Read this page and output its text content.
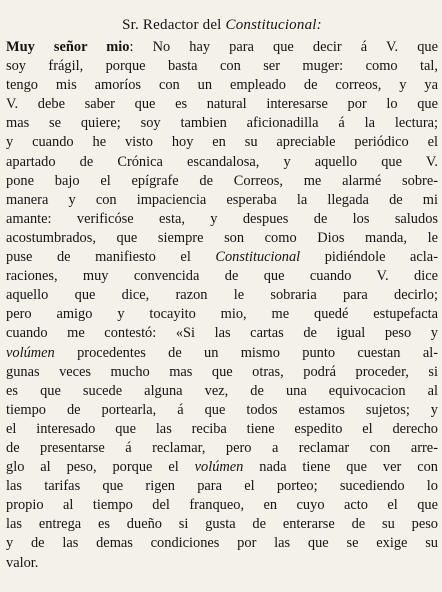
Sr. Redactor del Constitucional:
Muy señor mio: No hay para que decir á V. que
soy frágil, porque basta con ser muger: como tal,
tengo mis amoríos con un empleado de correos, y ya
V. debe saber que es natural interesarse por lo que
mas se quiere; soy tambien aficionadilla á la lectura;
y cuando he visto hoy en su apreciable periódico el
apartado de Crónica escandalosa, y aquello que V.
pone bajo el epígrafe de Correos, me alarmé sobre-
manera y con impaciencia esperaba la llegada de mi
amante: verificóse esta, y despues de los saludos
acostumbrados, que siempre son como Dios manda, le
puse de manifiesto el Constitucional pidiéndole acla-
raciones, muy convencida de que cuando V. dice
aquello que dice, razon le sobraria para decirlo;
pero amigo y tocayito mio, me quedé estupefacta
cuando me contestó: «Si las cartas de igual peso y
volúmen procedentes de un mismo punto cuestan al-
gunas veces mucho mas que otras, podrá proceder, si
es que sucede alguna vez, de una equivocacion al
tiempo de portearla, á que todos estamos sujetos; y
el interesado que las reciba tiene espedito el derecho
de presentarse á reclamar, pero a reclamar con arre-
glo al peso, porque el volúmen nada tiene que ver con
las tarifas que rigen para el porteo; sucediendo lo
propio al tiempo del franqueo, en cuyo acto el que
las entrega es dueño si gusta de enterarse de su peso
y de las demas condiciones por las que se exige su
valor.
